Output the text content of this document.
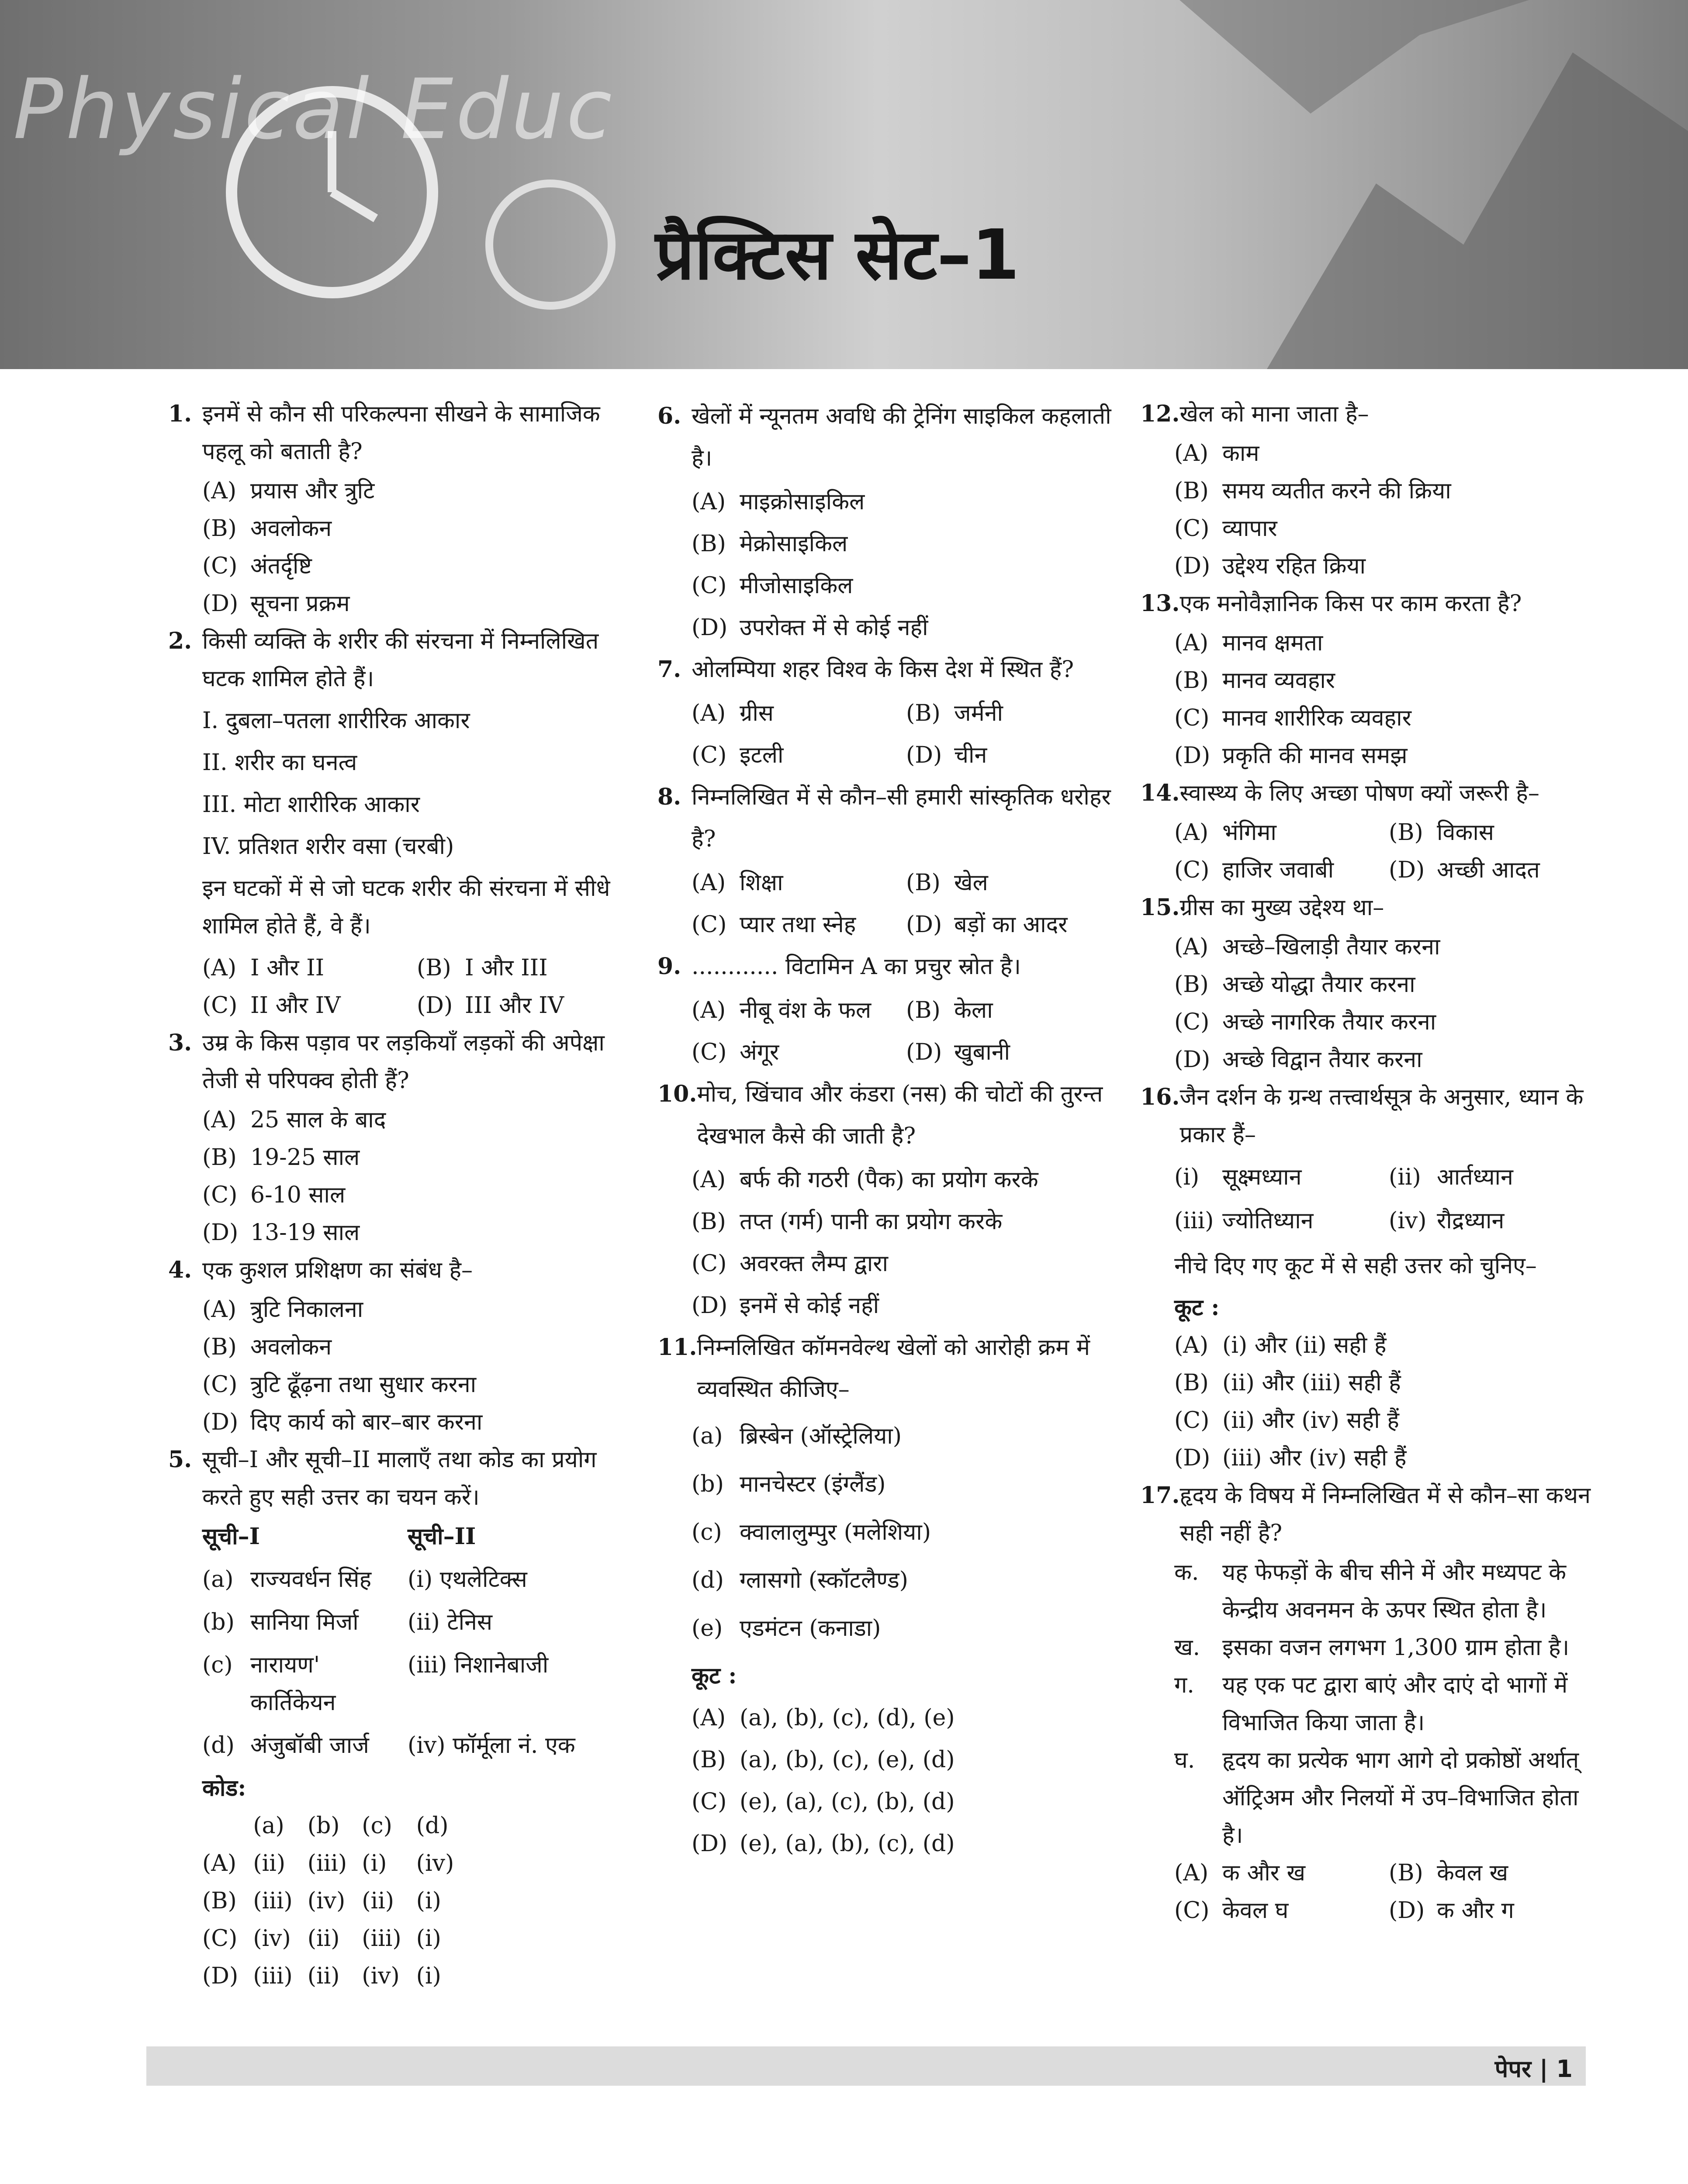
Physical Educ
प्रैक्टिस सेट–1
1. इनमें से कौन सी परिकल्पना सीखने के सामाजिक पहलू को बताती है?
(A) प्रयास और त्रुटि
(B) अवलोकन
(C) अंतर्दृष्टि
(D) सूचना प्रक्रम
2. किसी व्यक्ति के शरीर की संरचना में निम्नलिखित घटक शामिल होते हैं।
I. दुबला–पतला शारीरिक आकार
II. शरीर का घनत्व
III. मोटा शारीरिक आकार
IV. प्रतिशत शरीर वसा (चरबी)
इन घटकों में से जो घटक शरीर की संरचना में सीधे शामिल होते हैं, वे हैं।
(A) I और II	(B) I और III
(C) II और IV	(D) III और IV
3. उम्र के किस पड़ाव पर लड़कियाँ लड़कों की अपेक्षा तेजी से परिपक्व होती हैं?
(A) 25 साल के बाद
(B) 19-25 साल
(C) 6-10 साल
(D) 13-19 साल
4. एक कुशल प्रशिक्षण का संबंध है–
(A) त्रुटि निकालना
(B) अवलोकन
(C) त्रुटि ढूँढ़ना तथा सुधार करना
(D) दिए कार्य को बार–बार करना
5. सूची–I और सूची–II मालाएँ तथा कोड का प्रयोग करते हुए सही उत्तर का चयन करें।
सूची–I	सूची–II
(a) राज्यवर्धन सिंह (i) एथलेटिक्स
(b) सानिया मिर्जा (ii) टेनिस
(c) नारायण' कार्तिकेयन
(iii) निशानेबाजी
(d) अंजुबॉबी जार्ज (iv) फॉर्मूला नं. एक
कोड:
	(a)	(b)	(c)	(d)
(A)	(ii)	(iii)	(i)	(iv)
(B)	(iii)	(iv)	(ii)	(i)
(C)	(iv)	(ii)	(iii)	(i)
(D)	(iii)	(ii)	(iv)	(i)
6. खेलों में न्यूनतम अवधि की ट्रेनिंग साइकिल कहलाती है।
(A) माइक्रोसाइकिल
(B) मेक्रोसाइकिल
(C) मीजोसाइकिल
(D) उपरोक्त में से कोई नहीं
7. ओलम्पिया शहर विश्व के किस देश में स्थित हैं?
(A) ग्रीस	(B) जर्मनी
(C) इटली	(D) चीन
8. निम्नलिखित में से कौन–सी हमारी सांस्कृतिक धरोहर है?
(A) शिक्षा	(B) खेल
(C) प्यार तथा स्नेह (D) बड़ों का आदर
9. ............ विटामिन A का प्रचुर स्रोत है।
(A) नीबू वंश के फल (B) केला
(C) अंगूर	(D) खुबानी
10. मोच, खिंचाव और कंडरा (नस) की चोटों की तुरन्त देखभाल कैसे की जाती है?
(A) बर्फ की गठरी (पैक) का प्रयोग करके
(B) तप्त (गर्म) पानी का प्रयोग करके
(C) अवरक्त लैम्प द्वारा
(D) इनमें से कोई नहीं
11. निम्नलिखित कॉमनवेल्थ खेलों को आरोही क्रम में व्यवस्थित कीजिए–
(a) ब्रिस्बेन (ऑस्ट्रेलिया)
(b) मानचेस्टर (इंग्लैंड)
(c) क्वालालुम्पुर (मलेशिया)
(d) ग्लासगो (स्कॉटलैण्ड)
(e) एडमंटन (कनाडा)
कूट :
(A) (a), (b), (c), (d), (e)
(B) (a), (b), (c), (e), (d)
(C) (e), (a), (c), (b), (d)
(D) (e), (a), (b), (c), (d)
12. खेल को माना जाता है–
(A) काम
(B) समय व्यतीत करने की क्रिया
(C) व्यापार
(D) उद्देश्य रहित क्रिया
13. एक मनोवैज्ञानिक किस पर काम करता है?
(A) मानव क्षमता
(B) मानव व्यवहार
(C) मानव शारीरिक व्यवहार
(D) प्रकृति की मानव समझ
14. स्वास्थ्य के लिए अच्छा पोषण क्यों जरूरी है–
(A) भंगिमा	(B) विकास
(C) हाजिर जवाबी (D) अच्छी आदत
15. ग्रीस का मुख्य उद्देश्य था–
(A) अच्छे–खिलाड़ी तैयार करना
(B) अच्छे योद्धा तैयार करना
(C) अच्छे नागरिक तैयार करना
(D) अच्छे विद्वान तैयार करना
16. जैन दर्शन के ग्रन्थ तत्त्वार्थसूत्र के अनुसार, ध्यान के प्रकार हैं–
(i)	सूक्ष्मध्यान	(ii) आर्तध्यान
(iii) ज्योतिध्यान	(iv) रौद्रध्यान
नीचे दिए गए कूट में से सही उत्तर को चुनिए–
कूट :
(A) (i) और (ii) सही हैं
(B) (ii) और (iii) सही हैं
(C) (ii) और (iv) सही हैं
(D) (iii) और (iv) सही हैं
17. हृदय के विषय में निम्नलिखित में से कौन–सा कथन सही नहीं है?
क.	यह फेफड़ों के बीच सीने में और मध्यपट के केन्द्रीय अवनमन के ऊपर स्थित होता है।
ख. इसका वजन लगभग 1,300 ग्राम होता है।
ग.	यह एक पट द्वारा बाएं और दाएं दो भागों में विभाजित किया जाता है।
घ.	हृदय का प्रत्येक भाग आगे दो प्रकोष्ठों अर्थात् ऑट्रिअम और निलयों में उप–विभाजित होता है।
(A) क और ख	(B) केवल ख
(C) केवल घ	(D) क और ग
पेपर | 1
